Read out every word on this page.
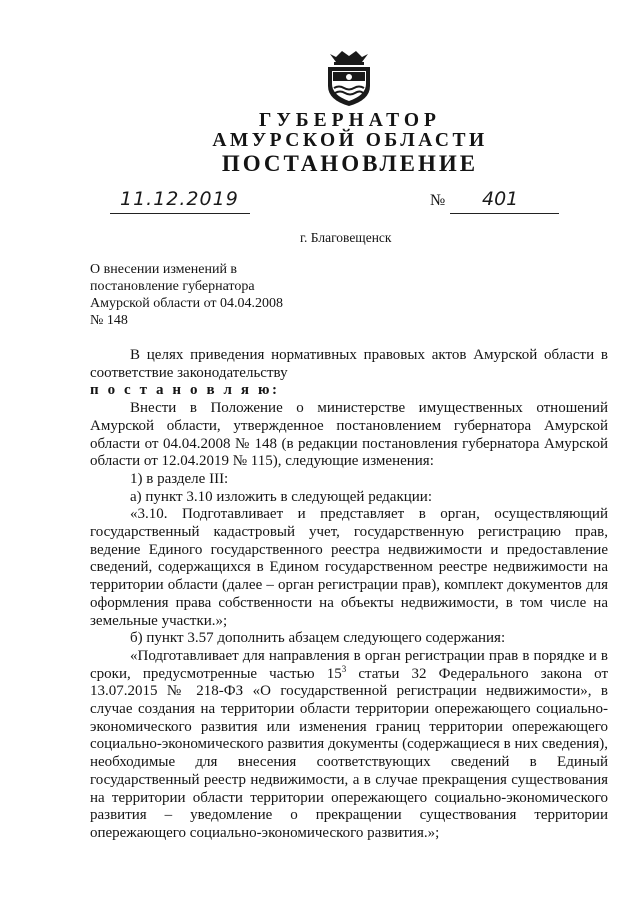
ГУБЕРНАТОР
АМУРСКОЙ ОБЛАСТИ
ПОСТАНОВЛЕНИЕ
11.12.2019	№ 401
г. Благовещенск
О внесении изменений в
постановление губернатора
Амурской области от 04.04.2008
№ 148

В целях приведения нормативных правовых актов Амурской области в соответствие законодательству

п о с т а н о в л я ю:

Внести в Положение о министерстве имущественных отношений Амурской области, утвержденное постановлением губернатора Амурской области от 04.04.2008 № 148 (в редакции постановления губернатора Амурской области от 12.04.2019 № 115), следующие изменения:

1) в разделе III:

а) пункт 3.10 изложить в следующей редакции:

«3.10. Подготавливает и представляет в орган, осуществляющий государственный кадастровый учет, государственную регистрацию прав, ведение Единого государственного реестра недвижимости и предоставление сведений, содержащихся в Едином государственном реестре недвижимости на территории области (далее – орган регистрации прав), комплект документов для оформления права собственности на объекты недвижимости, в том числе на земельные участки.»;

б) пункт 3.57 дополнить абзацем следующего содержания:

«Подготавливает для направления в орган регистрации прав в порядке и в сроки, предусмотренные частью $15^3$ статьи 32 Федерального закона от 13.07.2015 № 218-ФЗ «О государственной регистрации недвижимости», в случае создания на территории области территории опережающего социально-экономического развития или изменения границ территории опережающего социально-экономического развития документы (содержащиеся в них сведения), необходимые для внесения соответствующих сведений в Единый государственный реестр недвижимости, а в случае прекращения существования на территории области территории опережающего социально-экономического развития – уведомление о прекращении существования территории опережающего социально-экономического развития.»;
